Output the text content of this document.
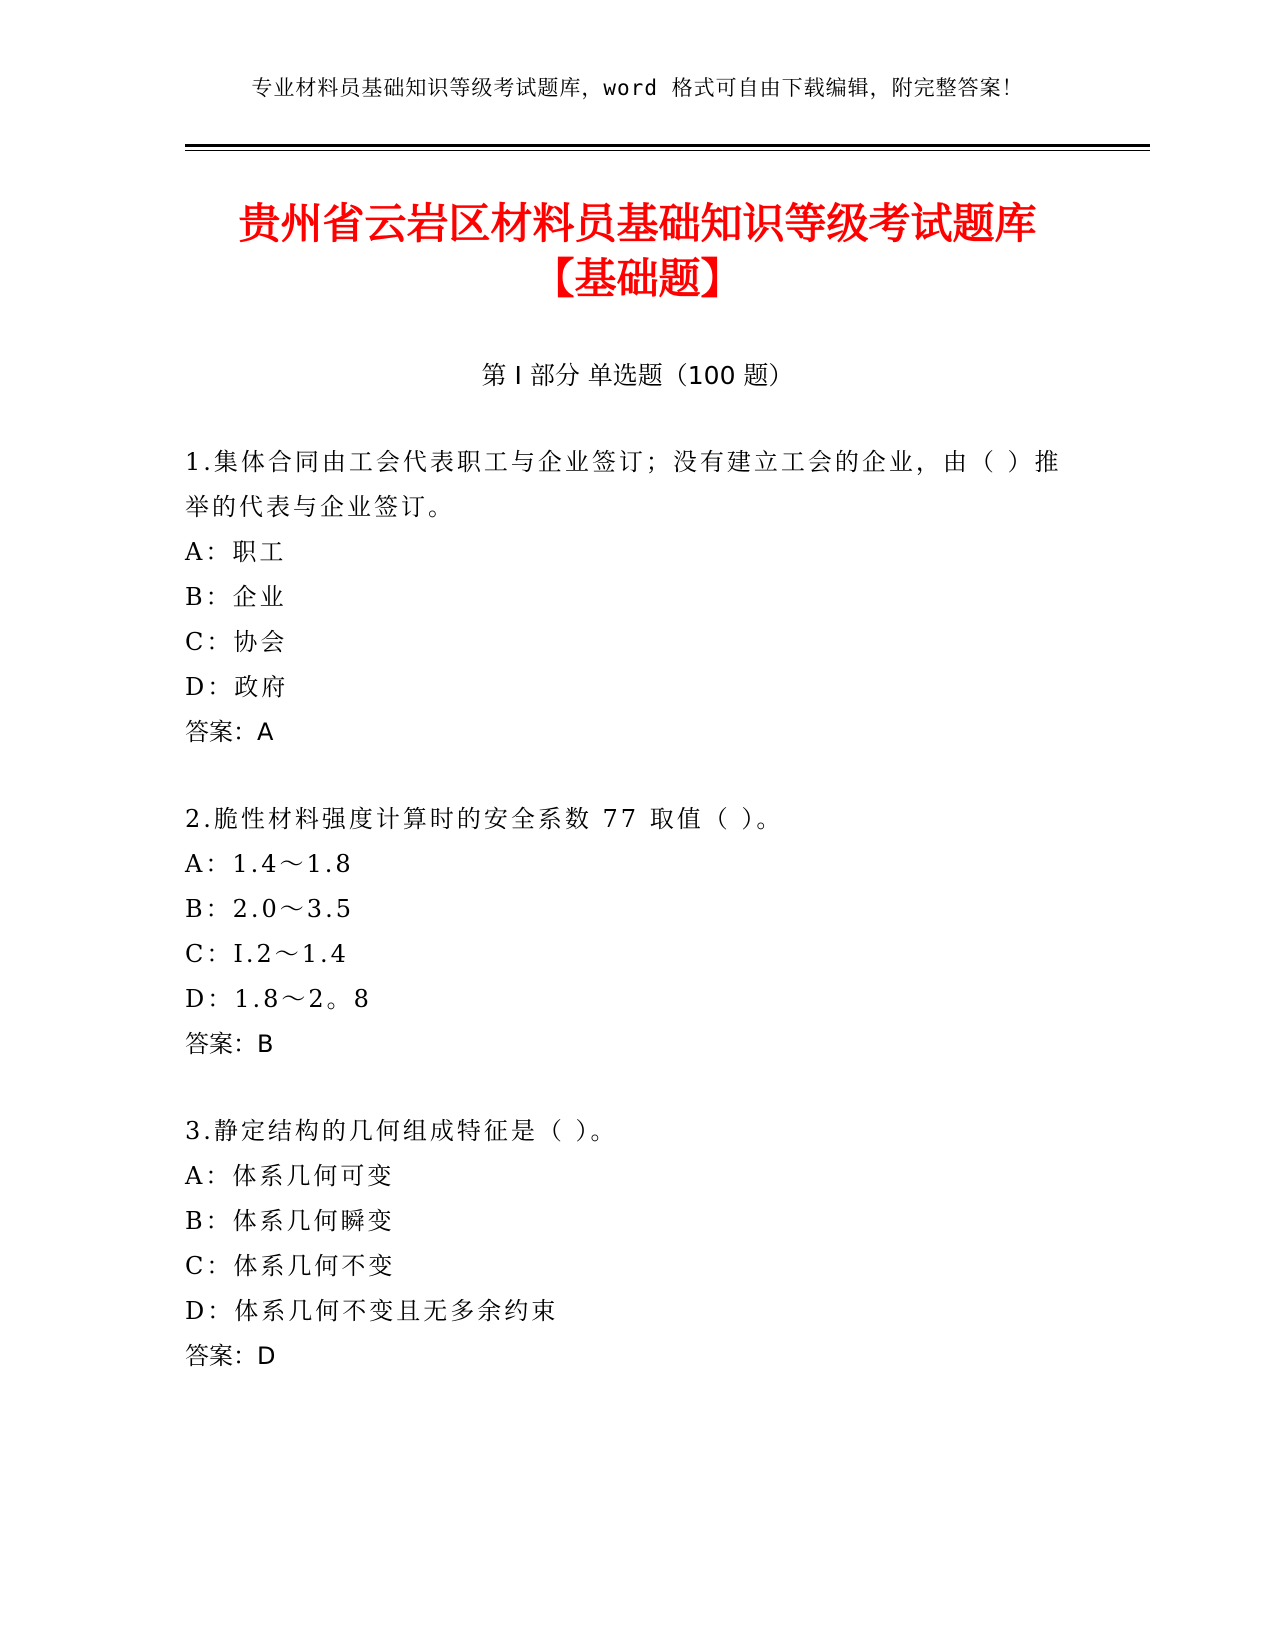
专业材料员基础知识等级考试题库，word 格式可自由下载编辑，附完整答案！
贵州省云岩区材料员基础知识等级考试题库
【基础题】
第 I 部分 单选题（100 题）
1.集体合同由工会代表职工与企业签订；没有建立工会的企业，由（ ）推举的代表与企业签订。
A：职工
B：企业
C：协会
D：政府
答案：A
2.脆性材料强度计算时的安全系数 77 取值（ ）。
A：1.4～1.8
B：2.0～3.5
C：I.2～1.4
D：1.8～2。8
答案：B
3.静定结构的几何组成特征是（ ）。
A：体系几何可变
B：体系几何瞬变
C：体系几何不变
D：体系几何不变且无多余约束
答案：D
